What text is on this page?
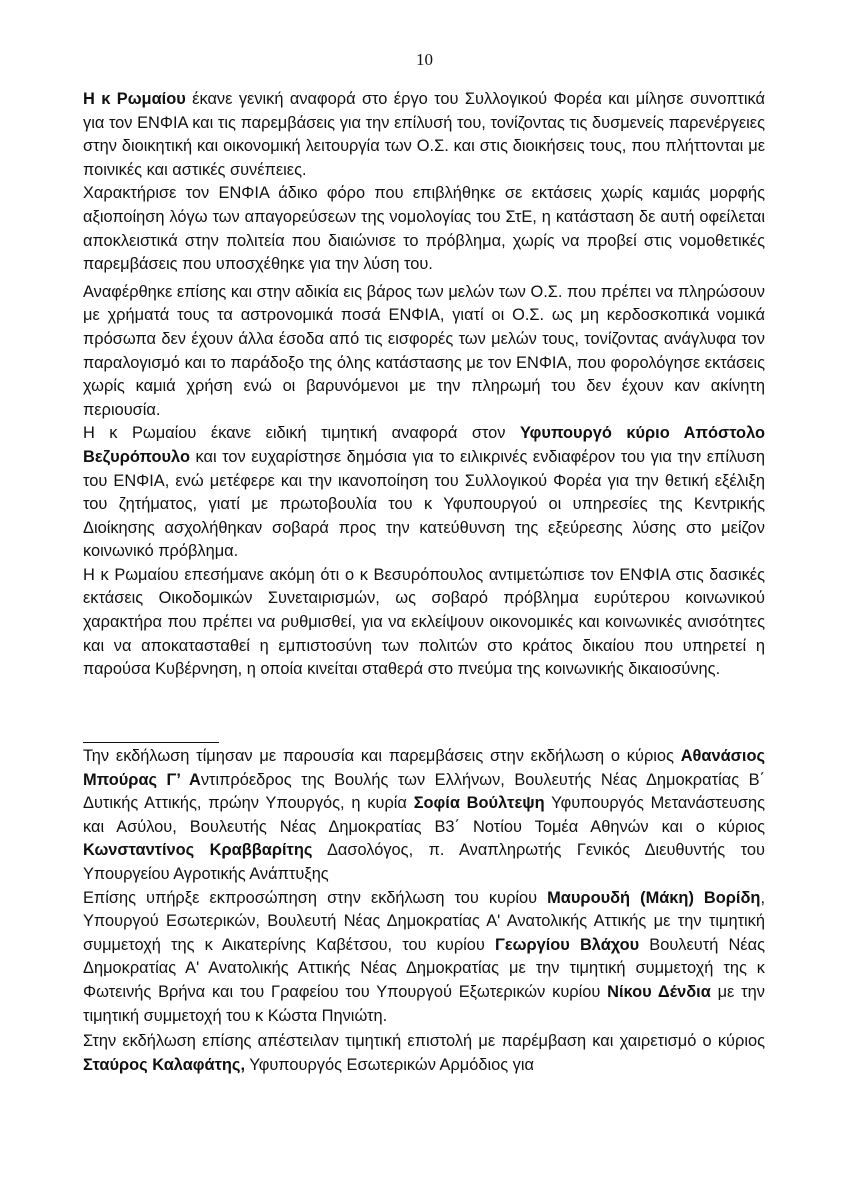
10

Η κ Ρωμαίου έκανε γενική αναφορά στο έργο του Συλλογικού Φορέα και μίλησε συνοπτικά για τον ΕΝΦΙΑ και τις παρεμβάσεις για την επίλυσή του, τονίζοντας τις δυσμενείς παρενέργειες στην διοικητική και οικονομική λειτουργία των Ο.Σ. και στις διοικήσεις τους, που πλήττονται με ποινικές και αστικές συνέπειες.

Χαρακτήρισε τον ΕΝΦΙΑ άδικο φόρο που επιβλήθηκε σε εκτάσεις χωρίς καμιάς μορφής αξιοποίηση λόγω των απαγορεύσεων της νομολογίας του ΣτΕ, η κατάσταση δε αυτή οφείλεται αποκλειστικά στην πολιτεία που διαιώνισε το πρόβλημα, χωρίς να προβεί στις νομοθετικές παρεμβάσεις που υποσχέθηκε για την λύση του.

Αναφέρθηκε επίσης και στην αδικία εις βάρος των μελών των Ο.Σ. που πρέπει να πληρώσουν με χρήματά τους τα αστρονομικά ποσά ΕΝΦΙΑ, γιατί οι Ο.Σ. ως μη κερδοσκοπικά νομικά πρόσωπα δεν έχουν άλλα έσοδα από τις εισφορές των μελών τους, τονίζοντας ανάγλυφα τον παραλογισμό και το παράδοξο της όλης κατάστασης με τον ΕΝΦΙΑ, που φορολόγησε εκτάσεις χωρίς καμιά χρήση ενώ οι βαρυνόμενοι με την πληρωμή του δεν έχουν καν ακίνητη περιουσία.

Η κ Ρωμαίου έκανε ειδική τιμητική αναφορά στον Υφυπουργό κύριο Απόστολο Βεζυρόπουλο και τον ευχαρίστησε δημόσια για το ειλικρινές ενδιαφέρον του για την επίλυση του ΕΝΦΙΑ, ενώ μετέφερε και την ικανοποίηση του Συλλογικού Φορέα για την θετική εξέλιξη του ζητήματος, γιατί με πρωτοβουλία του κ Υφυπουργού οι υπηρεσίες της Κεντρικής Διοίκησης ασχολήθηκαν σοβαρά προς την κατεύθυνση της εξεύρεσης λύσης στο μείζον κοινωνικό πρόβλημα.

Η κ Ρωμαίου επεσήμανε ακόμη ότι ο κ Βεσυρόπουλος αντιμετώπισε τον ΕΝΦΙΑ στις δασικές εκτάσεις Οικοδομικών Συνεταιρισμών, ως σοβαρό πρόβλημα ευρύτερου κοινωνικού χαρακτήρα που πρέπει να ρυθμισθεί, για να εκλείψουν οικονομικές και κοινωνικές ανισότητες και να αποκατασταθεί η εμπιστοσύνη των πολιτών στο κράτος δικαίου που υπηρετεί η παρούσα Κυβέρνηση, η οποία κινείται σταθερά στο πνεύμα της κοινωνικής δικαιοσύνης.

Την εκδήλωση τίμησαν με παρουσία και παρεμβάσεις στην εκδήλωση ο κύριος Αθανάσιος Μπούρας Γ’ Αντιπρόεδρος της Βουλής των Ελλήνων, Βουλευτής Νέας Δημοκρατίας Β΄ Δυτικής Αττικής, πρώην Υπουργός, η κυρία Σοφία Βούλτεψη Υφυπουργός Μετανάστευσης και Ασύλου, Βουλευτής Νέας Δημοκρατίας Β3΄ Νοτίου Τομέα Αθηνών και ο κύριος Κωνσταντίνος Κραββαρίτης Δασολόγος, π. Αναπληρωτής Γενικός Διευθυντής του Υπουργείου Αγροτικής Ανάπτυξης

Επίσης υπήρξε εκπροσώπηση στην εκδήλωση του κυρίου Μαυρουδή (Μάκη) Βορίδη, Υπουργού Εσωτερικών, Βουλευτή Νέας Δημοκρατίας Α' Ανατολικής Αττικής με την τιμητική συμμετοχή της κ Αικατερίνης Καβέτσου, του κυρίου Γεωργίου Βλάχου Βουλευτή Νέας Δημοκρατίας Α' Ανατολικής Αττικής Νέας Δημοκρατίας με την τιμητική συμμετοχή της κ Φωτεινής Βρήνα και του Γραφείου του Υπουργού Εξωτερικών κυρίου Νίκου Δένδια με την τιμητική συμμετοχή του κ Κώστα Πηνιώτη.

Στην εκδήλωση επίσης απέστειλαν τιμητική επιστολή με παρέμβαση και χαιρετισμό ο κύριος Σταύρος Καλαφάτης, Υφυπουργός Εσωτερικών Αρμόδιος για
